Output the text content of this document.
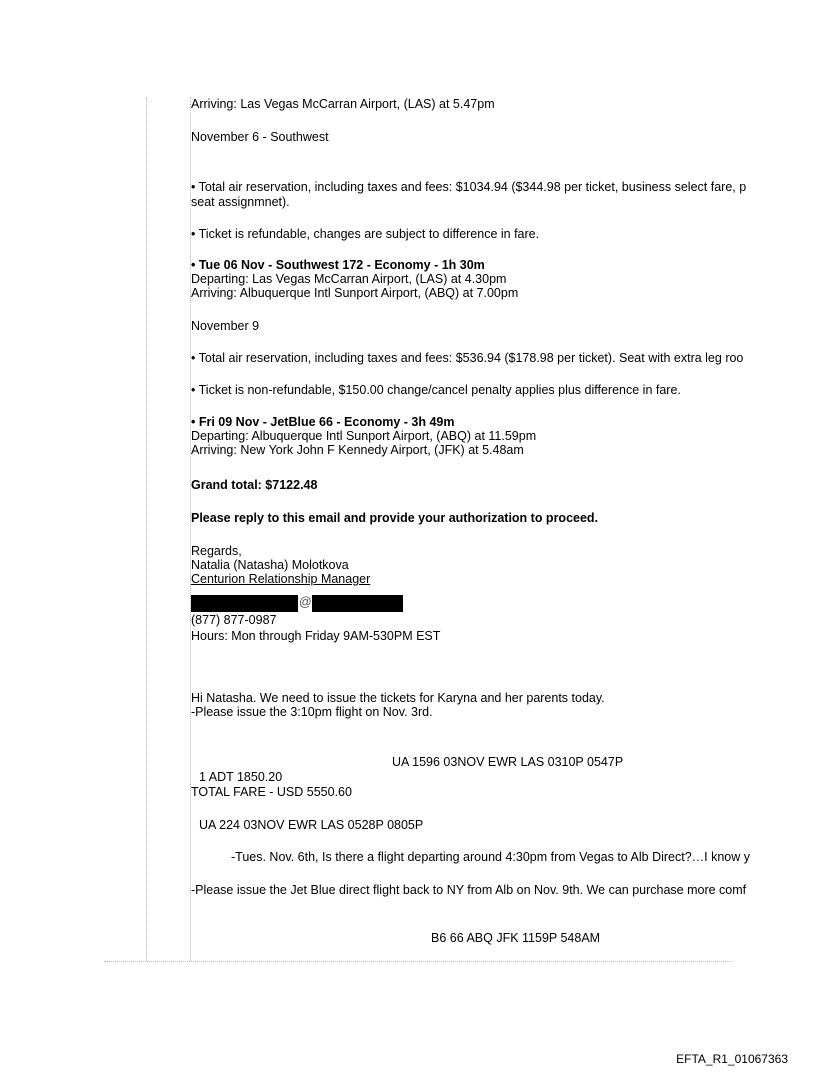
Arriving: Las Vegas McCarran Airport, (LAS) at 5.47pm
November 6 - Southwest
• Total air reservation, including taxes and fees: $1034.94 ($344.98 per ticket, business select fare, p
seat assignmnet).
• Ticket is refundable, changes are subject to difference in fare.
• Tue 06 Nov - Southwest 172 - Economy - 1h 30m
Departing: Las Vegas McCarran Airport, (LAS) at 4.30pm
Arriving: Albuquerque Intl Sunport Airport, (ABQ) at 7.00pm
November 9
• Total air reservation, including taxes and fees: $536.94 ($178.98 per ticket). Seat with extra leg roo
• Ticket is non-refundable, $150.00 change/cancel penalty applies plus difference in fare.
• Fri 09 Nov - JetBlue 66 - Economy - 3h 49m
Departing: Albuquerque Intl Sunport Airport, (ABQ) at 11.59pm
Arriving: New York John F Kennedy Airport, (JFK) at 5.48am
Grand total: $7122.48
Please reply to this email and provide your authorization to proceed.
Regards,
Natalia (Natasha) Molotkova
Centurion Relationship Manager
@
(877) 877-0987
Hours: Mon through Friday 9AM-530PM EST
Hi Natasha. We need to issue the tickets for Karyna and her parents today.
-Please issue the 3:10pm flight on Nov. 3rd.
UA 1596 03NOV EWR LAS 0310P 0547P
1 ADT 1850.20
TOTAL FARE - USD 5550.60
UA 224 03NOV EWR LAS 0528P 0805P
-Tues. Nov. 6th, Is there a flight departing around 4:30pm from Vegas to Alb Direct?…I know y
-Please issue the Jet Blue direct flight back to NY from Alb on Nov. 9th. We can purchase more comf
B6 66 ABQ JFK 1159P 548AM
EFTA_R1_01067363
